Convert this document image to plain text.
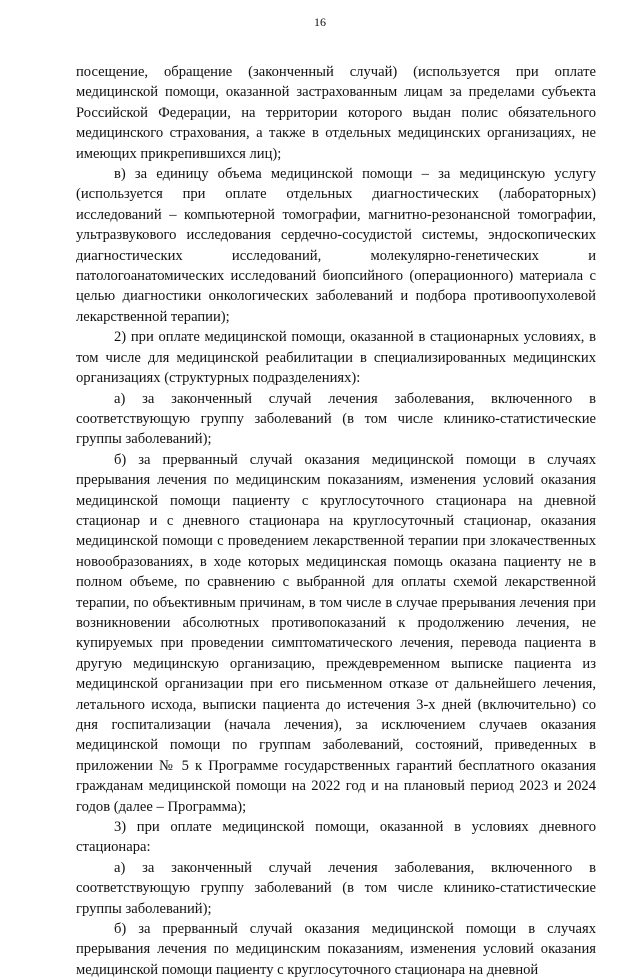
16

посещение, обращение (законченный случай) (используется при оплате медицинской помощи, оказанной застрахованным лицам за пределами субъекта Российской Федерации, на территории которого выдан полис обязательного медицинского страхования, а также в отдельных медицинских организациях, не имеющих прикрепившихся лиц);

в) за единицу объема медицинской помощи – за медицинскую услугу (используется при оплате отдельных диагностических (лабораторных) исследований – компьютерной томографии, магнитно-резонансной томографии, ультразвукового исследования сердечно-сосудистой системы, эндоскопических диагностических исследований, молекулярно-генетических и патологоанатомических исследований биопсийного (операционного) материала с целью диагностики онкологических заболеваний и подбора противоопухолевой лекарственной терапии);

2) при оплате медицинской помощи, оказанной в стационарных условиях, в том числе для медицинской реабилитации в специализированных медицинских организациях (структурных подразделениях):

а) за законченный случай лечения заболевания, включенного в соответствующую группу заболеваний (в том числе клинико-статистические группы заболеваний);

б) за прерванный случай оказания медицинской помощи в случаях прерывания лечения по медицинским показаниям, изменения условий оказания медицинской помощи пациенту с круглосуточного стационара на дневной стационар и с дневного стационара на круглосуточный стационар, оказания медицинской помощи с проведением лекарственной терапии при злокачественных новообразованиях, в ходе которых медицинская помощь оказана пациенту не в полном объеме, по сравнению с выбранной для оплаты схемой лекарственной терапии, по объективным причинам, в том числе в случае прерывания лечения при возникновении абсолютных противопоказаний к продолжению лечения, не купируемых при проведении симптоматического лечения, перевода пациента в другую медицинскую организацию, преждевременном выписке пациента из медицинской организации при его письменном отказе от дальнейшего лечения, летального исхода, выписки пациента до истечения 3-х дней (включительно) со дня госпитализации (начала лечения), за исключением случаев оказания медицинской помощи по группам заболеваний, состояний, приведенных в приложении № 5 к Программе государственных гарантий бесплатного оказания гражданам медицинской помощи на 2022 год и на плановый период 2023 и 2024 годов (далее – Программа);

3) при оплате медицинской помощи, оказанной в условиях дневного стационара:

а) за законченный случай лечения заболевания, включенного в соответствующую группу заболеваний (в том числе клинико-статистические группы заболеваний);

б) за прерванный случай оказания медицинской помощи в случаях прерывания лечения по медицинским показаниям, изменения условий оказания медицинской помощи пациенту с круглосуточного стационара на дневной
